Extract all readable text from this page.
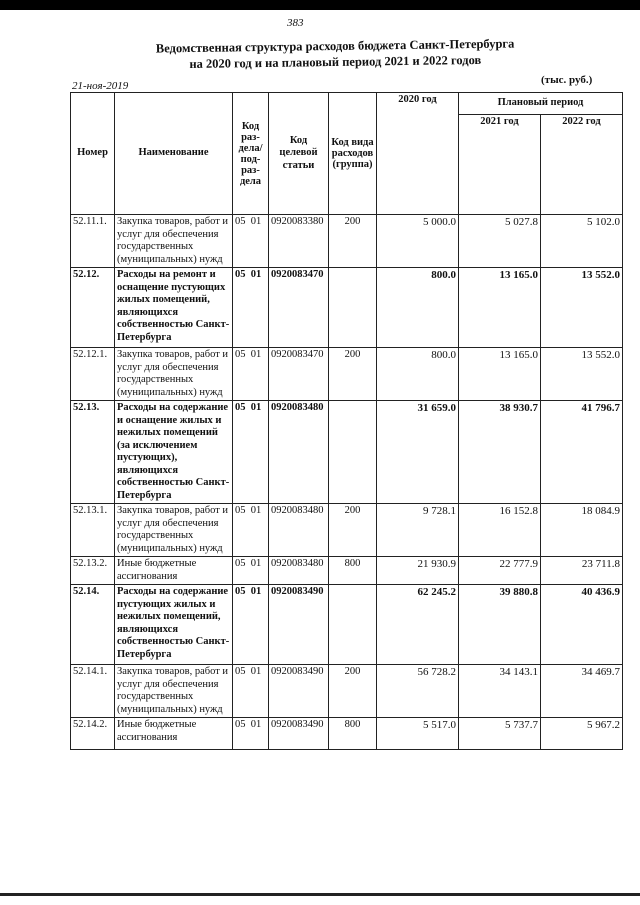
383
Ведомственная структура расходов бюджета Санкт-Петербурга
на 2020 год и на плановый период 2021 и 2022 годов
21-ноя-2019	(тыс. руб.)
Номер	Наименование	Код раз-дела/ под-раз-дела	Код целевой статьи	Код вида расходов (группа)	2020 год	Плановый период	
						2021 год	2022 год
52.11.1.	Закупка товаров, работ и услуг для обеспечения государственных (муниципальных) нужд	05  01	0920083380	200	5 000.0	5 027.8	5 102.0
52.12.	Расходы на ремонт и оснащение пустующих жилых помещений, являющихся собственностью Санкт-Петербурга	05  01	0920083470		800.0	13 165.0	13 552.0
52.12.1.	Закупка товаров, работ и услуг для обеспечения государственных (муниципальных) нужд	05  01	0920083470	200	800.0	13 165.0	13 552.0
52.13.	Расходы на содержание и оснащение жилых и нежилых помещений (за исключением пустующих), являющихся собственностью Санкт-Петербурга	05  01	0920083480		31 659.0	38 930.7	41 796.7
52.13.1.	Закупка товаров, работ и услуг для обеспечения государственных (муниципальных) нужд	05  01	0920083480	200	9 728.1	16 152.8	18 084.9
52.13.2.	Иные бюджетные ассигнования	05  01	0920083480	800	21 930.9	22 777.9	23 711.8
52.14.	Расходы на содержание пустующих жилых и нежилых помещений, являющихся собственностью Санкт-Петербурга	05  01	0920083490		62 245.2	39 880.8	40 436.9
52.14.1.	Закупка товаров, работ и услуг для обеспечения государственных (муниципальных) нужд	05  01	0920083490	200	56 728.2	34 143.1	34 469.7
52.14.2.	Иные бюджетные ассигнования	05  01	0920083490	800	5 517.0	5 737.7	5 967.2
